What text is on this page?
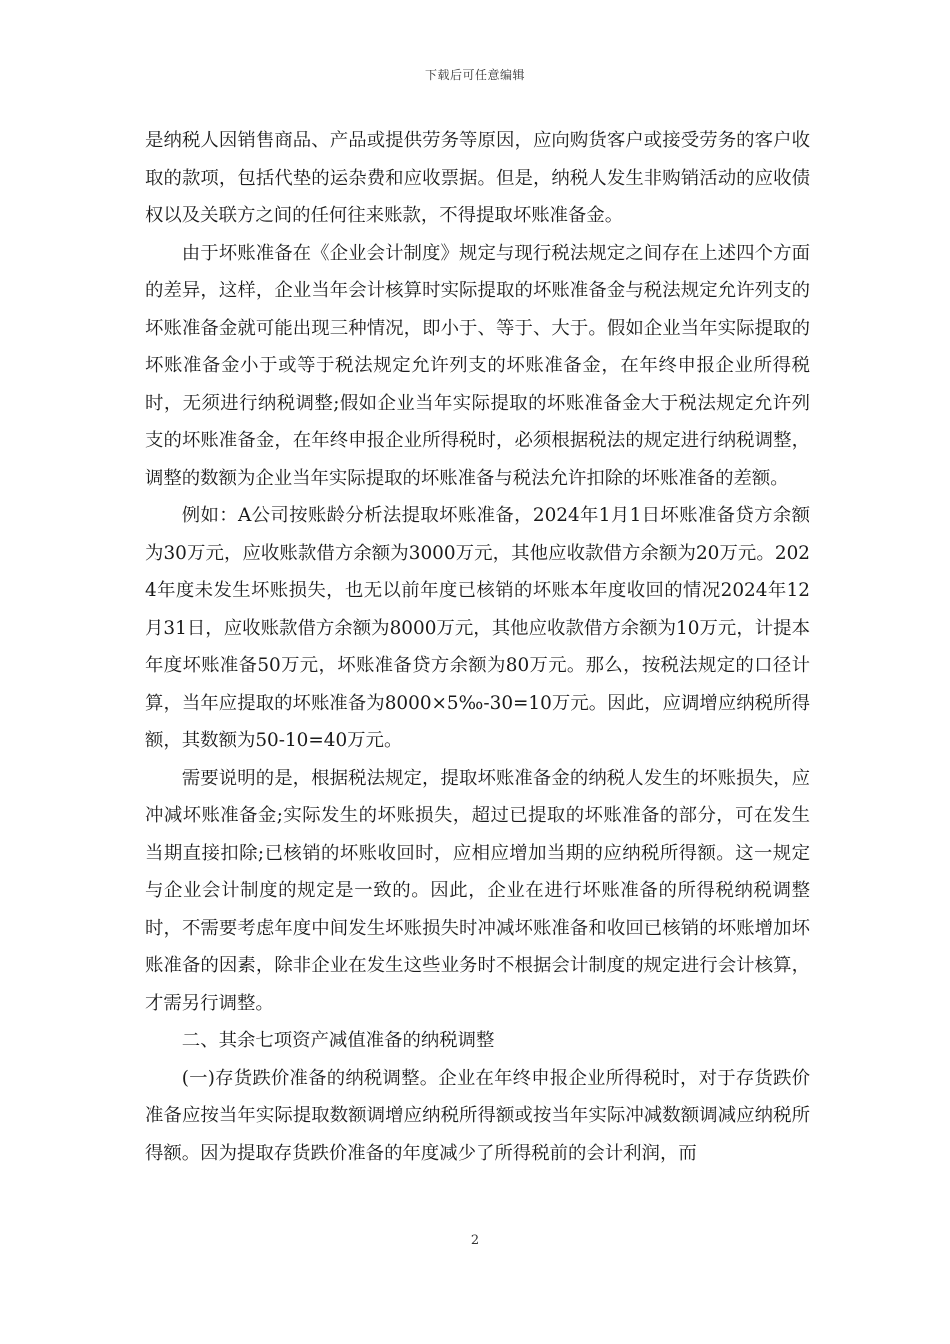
下载后可任意编辑

是纳税人因销售商品、产品或提供劳务等原因，应向购货客户或接受劳务的客户收取的款项，包括代垫的运杂费和应收票据。但是，纳税人发生非购销活动的应收债权以及关联方之间的任何往来账款，不得提取坏账准备金。

由于坏账准备在《企业会计制度》规定与现行税法规定之间存在上述四个方面的差异，这样，企业当年会计核算时实际提取的坏账准备金与税法规定允许列支的坏账准备金就可能出现三种情况，即小于、等于、大于。假如企业当年实际提取的坏账准备金小于或等于税法规定允许列支的坏账准备金，在年终申报企业所得税时，无须进行纳税调整;假如企业当年实际提取的坏账准备金大于税法规定允许列支的坏账准备金，在年终申报企业所得税时，必须根据税法的规定进行纳税调整，调整的数额为企业当年实际提取的坏账准备与税法允许扣除的坏账准备的差额。

例如：A公司按账龄分析法提取坏账准备，2024年1月1日坏账准备贷方余额为30万元，应收账款借方余额为3000万元，其他应收款借方余额为20万元。2024年度未发生坏账损失，也无以前年度已核销的坏账本年度收回的情况2024年12月31日，应收账款借方余额为8000万元，其他应收款借方余额为10万元，计提本年度坏账准备50万元，坏账准备贷方余额为80万元。那么，按税法规定的口径计算，当年应提取的坏账准备为8000×5‰-30=10万元。因此，应调增应纳税所得额，其数额为50-10=40万元。

需要说明的是，根据税法规定，提取坏账准备金的纳税人发生的坏账损失，应冲减坏账准备金;实际发生的坏账损失，超过已提取的坏账准备的部分，可在发生当期直接扣除;已核销的坏账收回时，应相应增加当期的应纳税所得额。这一规定与企业会计制度的规定是一致的。因此，企业在进行坏账准备的所得税纳税调整时，不需要考虑年度中间发生坏账损失时冲减坏账准备和收回已核销的坏账增加坏账准备的因素，除非企业在发生这些业务时不根据会计制度的规定进行会计核算，才需另行调整。

二、其余七项资产减值准备的纳税调整

(一)存货跌价准备的纳税调整。企业在年终申报企业所得税时，对于存货跌价准备应按当年实际提取数额调增应纳税所得额或按当年实际冲减数额调减应纳税所得额。因为提取存货跌价准备的年度减少了所得税前的会计利润，而

2
